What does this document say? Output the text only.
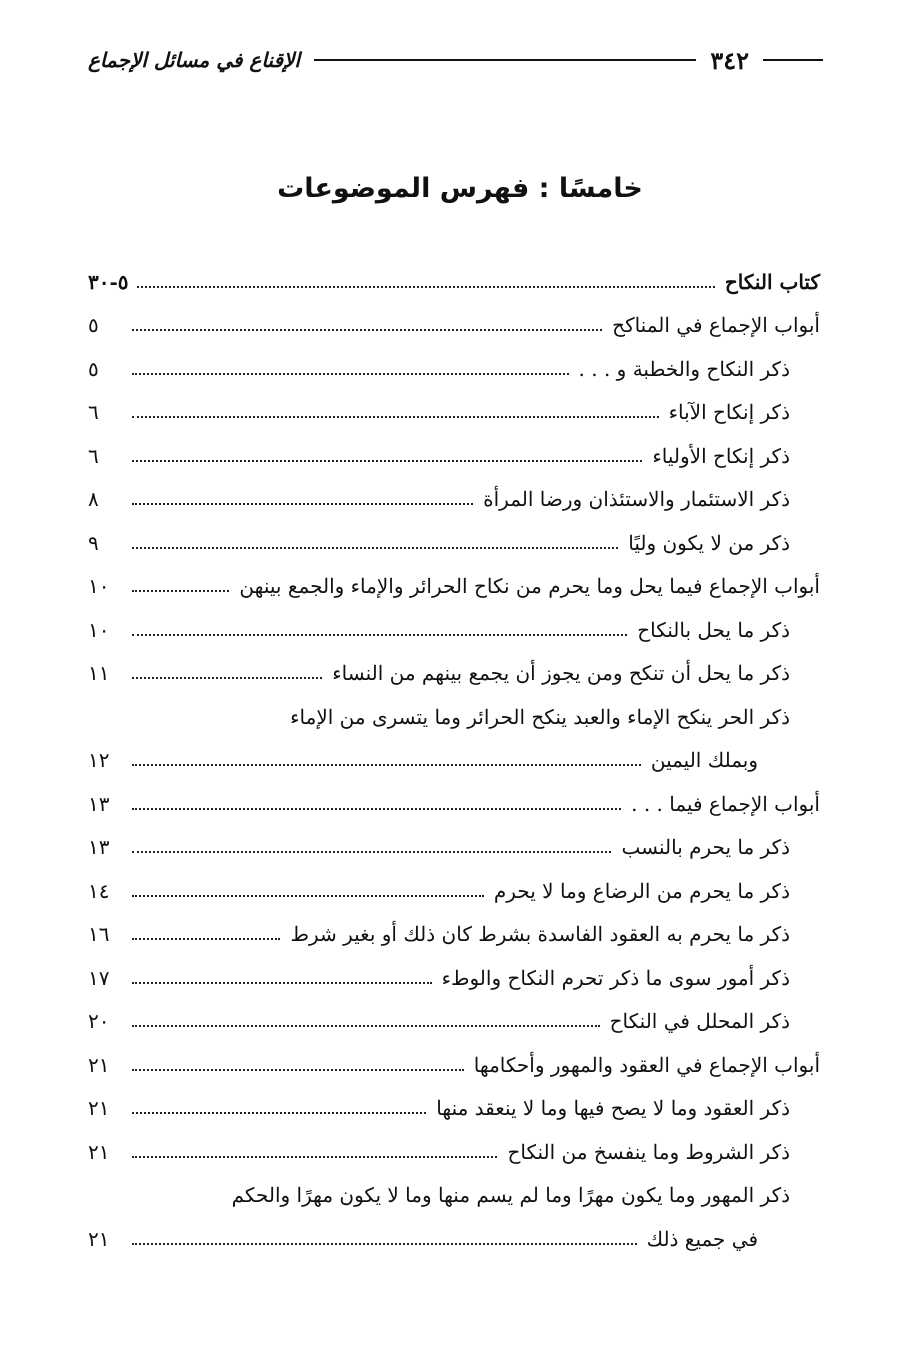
٣٤٢
الإقناع في مسائل الإجماع
خامسًا : فهرس الموضوعات
كتاب النكاح
٥-٣٠
أبواب الإجماع في المناكح
٥
ذكر النكاح والخطبة و . . .
٥
ذكر إنكاح الآباء
٦
ذكر إنكاح الأولياء
٦
ذكر الاستئمار والاستئذان ورضا المرأة
٨
ذكر من لا يكون وليًا
٩
أبواب الإجماع فيما يحل وما يحرم من نكاح الحرائر والإماء والجمع بينهن
١٠
ذكر ما يحل بالنكاح
١٠
ذكر ما يحل أن تنكح ومن يجوز أن يجمع بينهم من النساء
١١
ذكر الحر ينكح الإماء والعبد ينكح الحرائر وما يتسرى من الإماء
وبملك اليمين
١٢
أبواب الإجماع فيما . . .
١٣
ذكر ما يحرم بالنسب
١٣
ذكر ما يحرم من الرضاع وما لا يحرم
١٤
ذكر ما يحرم به العقود الفاسدة بشرط كان ذلك أو بغير شرط
١٦
ذكر أمور سوى ما ذكر تحرم النكاح والوطء
١٧
ذكر المحلل في النكاح
٢٠
أبواب الإجماع في العقود والمهور وأحكامها
٢١
ذكر العقود وما لا يصح فيها وما لا ينعقد منها
٢١
ذكر الشروط وما ينفسخ من النكاح
٢١
ذكر المهور وما يكون مهرًا وما لم يسم منها وما لا يكون مهرًا والحكم
في جميع ذلك
٢١
